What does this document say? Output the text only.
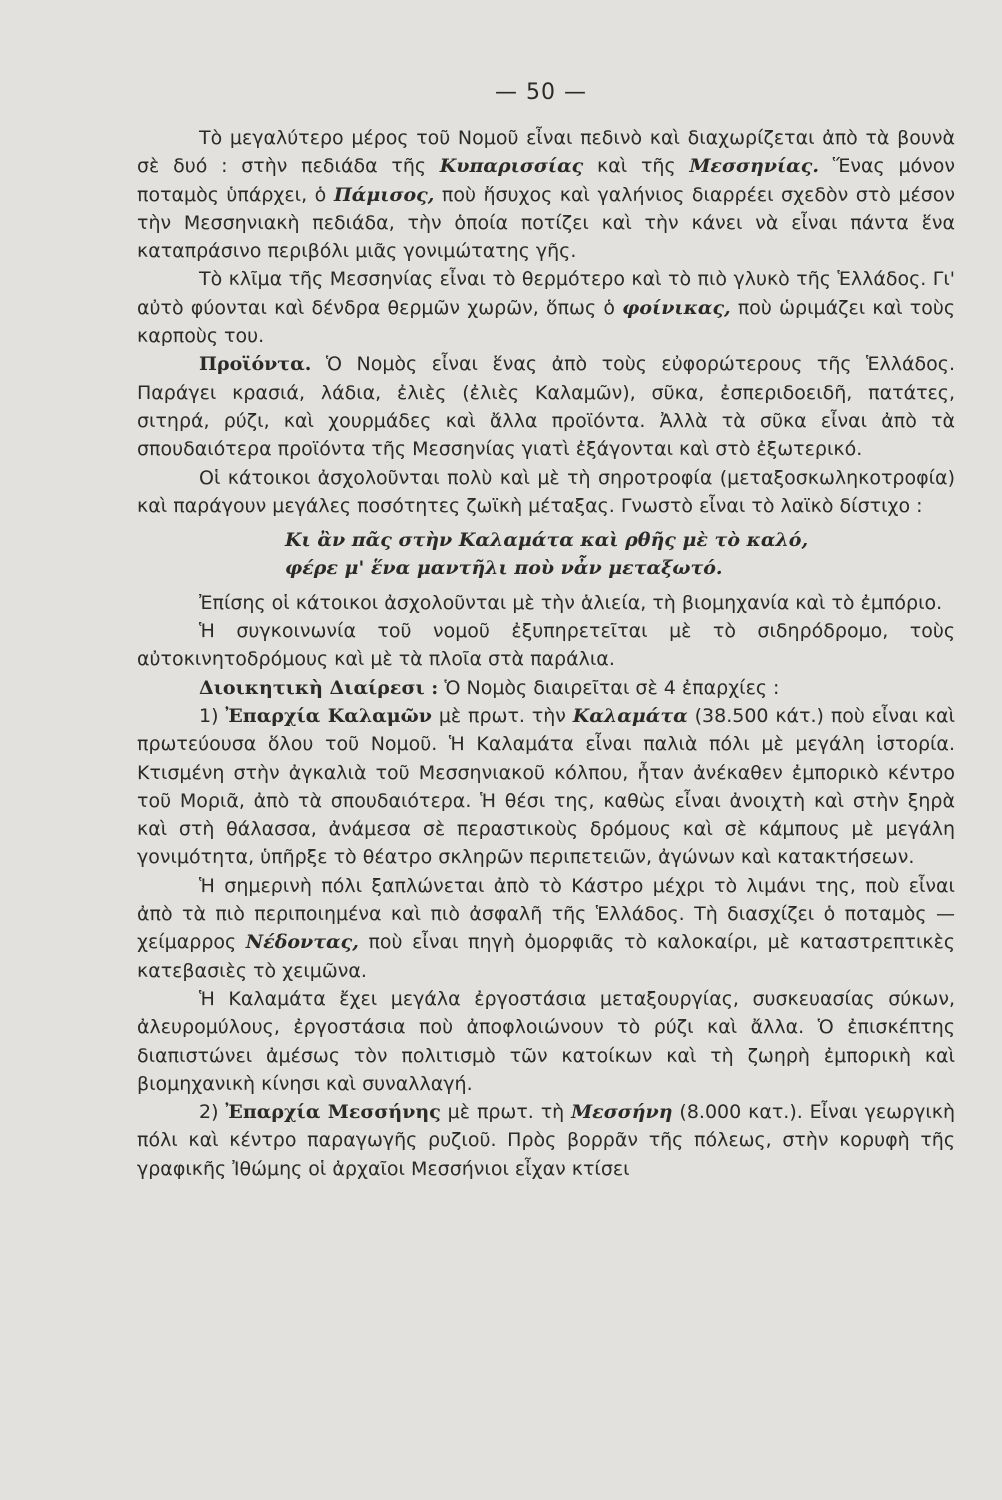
— 50 —

Τὸ μεγαλύτερο μέρος τοῦ Νομοῦ εἶναι πεδινὸ καὶ διαχωρίζεται ἀπὸ τὰ βουνὰ σὲ δυό : στὴν πεδιάδα τῆς Κυπαρισσίας καὶ τῆς Μεσσηνίας. Ἕνας μόνον ποταμὸς ὑπάρχει, ὁ Πάμισος, ποὺ ἥσυχος καὶ γαλήνιος διαρρέει σχεδὸν στὸ μέσον τὴν Μεσσηνιακὴ πεδιάδα, τὴν ὁποία ποτίζει καὶ τὴν κάνει νὰ εἶναι πάντα ἕνα καταπράσινο περιβόλι μιᾶς γονιμώτατης γῆς.

Τὸ κλῖμα τῆς Μεσσηνίας εἶναι τὸ θερμότερο καὶ τὸ πιὸ γλυκὸ τῆς Ἑλλάδος. Γι' αὐτὸ φύονται καὶ δένδρα θερμῶν χωρῶν, ὅπως ὁ φοίνικας, ποὺ ὡριμάζει καὶ τοὺς καρποὺς του.

Προϊόντα. Ὁ Νομὸς εἶναι ἕνας ἀπὸ τοὺς εὐφορώτερους τῆς Ἑλλάδος. Παράγει κρασιά, λάδια, ἐλιὲς (ἐλιὲς Καλαμῶν), σῦκα, ἐσπεριδοειδῆ, πατάτες, σιτηρά, ρύζι, καὶ χουρμάδες καὶ ἄλλα προϊόντα. Ἀλλὰ τὰ σῦκα εἶναι ἀπὸ τὰ σπουδαιότερα προϊόντα τῆς Μεσσηνίας γιατὶ ἐξάγονται καὶ στὸ ἐξωτερικό.

Οἱ κάτοικοι ἀσχολοῦνται πολὺ καὶ μὲ τὴ σηροτροφία (μεταξοσκωληκοτροφία) καὶ παράγουν μεγάλες ποσότητες ζωϊκὴ μέταξας. Γνωστὸ εἶναι τὸ λαϊκὸ δίστιχο :

Κι ἂν πᾶς στὴν Καλαμάτα καὶ ρθῆς μὲ τὸ καλό,
φέρε μ' ἕνα μαντῆλι ποὺ νἆν μεταξωτό.

Ἐπίσης οἱ κάτοικοι ἀσχολοῦνται μὲ τὴν ἁλιεία, τὴ βιομηχανία καὶ τὸ ἐμπόριο.

Ἡ συγκοινωνία τοῦ νομοῦ ἐξυπηρετεῖται μὲ τὸ σιδηρόδρομο, τοὺς αὐτοκινητοδρόμους καὶ μὲ τὰ πλοῖα στὰ παράλια.

Διοικητικὴ Διαίρεσι : Ὁ Νομὸς διαιρεῖται σὲ 4 ἐπαρχίες :

1) Ἐπαρχία Καλαμῶν μὲ πρωτ. τὴν Καλαμάτα (38.500 κάτ.) ποὺ εἶναι καὶ πρωτεύουσα ὅλου τοῦ Νομοῦ. Ἡ Καλαμάτα εἶναι παλιὰ πόλι μὲ μεγάλη ἱστορία. Κτισμένη στὴν ἀγκαλιὰ τοῦ Μεσσηνιακοῦ κόλπου, ἦταν ἀνέκαθεν ἐμπορικὸ κέντρο τοῦ Μοριᾶ, ἀπὸ τὰ σπουδαιότερα. Ἡ θέσι της, καθὼς εἶναι ἀνοιχτὴ καὶ στὴν ξηρὰ καὶ στὴ θάλασσα, ἀνάμεσα σὲ περαστικοὺς δρόμους καὶ σὲ κάμπους μὲ μεγάλη γονιμότητα, ὑπῆρξε τὸ θέατρο σκληρῶν περιπετειῶν, ἀγώνων καὶ κατακτήσεων.

Ἡ σημερινὴ πόλι ξαπλώνεται ἀπὸ τὸ Κάστρο μέχρι τὸ λιμάνι της, ποὺ εἶναι ἀπὸ τὰ πιὸ περιποιημένα καὶ πιὸ ἀσφαλῆ τῆς Ἑλλάδος. Τὴ διασχίζει ὁ ποταμὸς — χείμαρρος Νέδοντας, ποὺ εἶναι πηγὴ ὀμορφιᾶς τὸ καλοκαίρι, μὲ καταστρεπτικὲς κατεβασιὲς τὸ χειμῶνα.

Ἡ Καλαμάτα ἔχει μεγάλα ἐργοστάσια μεταξουργίας, συσκευασίας σύκων, ἀλευρομύλους, ἐργοστάσια ποὺ ἀποφλοιώνουν τὸ ρύζι καὶ ἄλλα. Ὁ ἐπισκέπτης διαπιστώνει ἀμέσως τὸν πολιτισμὸ τῶν κατοίκων καὶ τὴ ζωηρὴ ἐμπορικὴ καὶ βιομηχανικὴ κίνησι καὶ συναλλαγή.

2) Ἐπαρχία Μεσσήνης μὲ πρωτ. τὴ Μεσσήνη (8.000 κατ.). Εἶναι γεωργικὴ πόλι καὶ κέντρο παραγωγῆς ρυζιοῦ. Πρὸς βορρᾶν τῆς πόλεως, στὴν κορυφὴ τῆς γραφικῆς Ἰθώμης οἱ ἀρχαῖοι Μεσσήνιοι εἶχαν κτίσει
